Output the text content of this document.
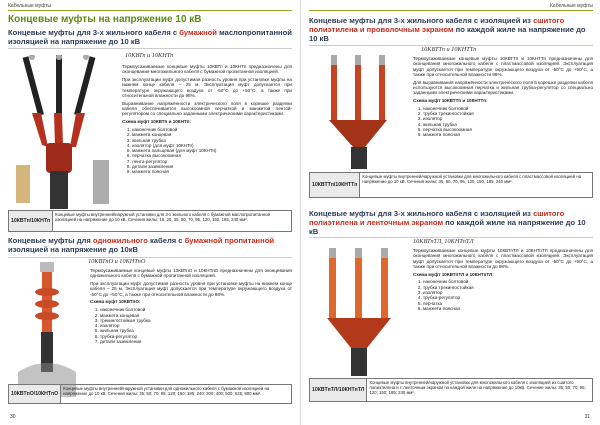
Кабельные муфты
Концевые муфты на напряжение 10 кВ
Концевые муфты для 3-х жильного кабеля с бумажной маслопропитанной изоляцией на напряжение до 10 кВ
10КВТп и 10КНТп

Термоусаживаемые концевые муфты 10КВТп и 10КНТп предназначены для оконцевания многожильного кабеля с бумажной пропитанной изоляцией.

При эксплуатации муфт допустимая разность уровня при установке муфты на нижнем конце кабеля – 25 м. Эксплуатация муфт допускается при температуре окружающего воздуха от -50°С до +50°С, а также при относительной влажности до 98%.

Выравнивание напряжённости электрического поля в корешке разделки кабеля обеспечивается высокоомной перчаткой и манжетой лентой-регулятором со специально заданными электрическими характеристиками.

Схема муфт 10КВТп и 10КНТп:

1. наконечник болтовой
2. манжета концевая
3. жильная трубка
4. изолятор (для муфт 10КНТп)
5. манжета пальцевая (для муфт 10КНТп)
6. перчатка высокоомная
7. лента-регулятор
8. детали заземления
9. манжета поясная
10КВТп/10КНТп
Концевые муфты внутренней/наружной установки для 3-х жильного кабеля с бумажной маслопропитанной изоляцией на напряжение до 10 кВ. Сечения жилы: 16, 25, 35, 50, 70, 95, 120, 150, 185, 240 мм².
Концевые муфты для одножильного кабеля с бумажной пропитанной изоляцией на напряжение до 10кВ
10КВТпО и 10КНТпО

Термоусаживаемые концевые муфты 10КВТпО и 10КНТпО предназначены для оконцевания одножильного кабеля с бумажной пропитанной изоляцией.

При эксплуатации муфт допустимая разность уровня при установке муфты на нижнем конце кабеля – 25 м. Эксплуатация муфт допускается при температуре окружающего воздуха от -50°С до +50°С, а также при относительной влажности до 98%.

Схема муфт 10КВТпО:

1. наконечник болтовой
2. манжета концевая
3. трекингостойкая трубка
4. изолятор
5. жильная трубка
6. трубка-регулятор
7. детали заземления
10КВТпО/10КНТпО
Концевые муфты внутренней/наружной установки для одножильного кабеля с бумажной изоляцией на напряжение до 10 кВ. Сечения жилы: 35; 50; 70; 95; 120; 150; 185; 240; 300; 400; 500; 625; 800 мм².
30
Кабельные муфты
Концевые муфты для 3-х жильного кабеля с изоляцией из сшитого полиэтилена и проволочным экраном по каждой жиле на напряжение до 10 кВ
10КВТТп и 10КНТТп

Термоусаживаемые концевые муфты 10КВТТп и 10КНТТп предназначены для оконцевания многожильного кабеля с пластмассовой изоляцией. Эксплуатация муфт допускается при температуре окружающего воздуха от -50°С до +50°С, а также при относительной влажности 98%.

Для выравнивания напряжённости электрического поля в корешке разделки кабеля используются высокоомная перчатка и жильная трубка-регулятор со специально заданными электрическими характеристиками.

Схема муфт 10КВТТп и 10КНТТп:

1. наконечник болтовой
2. трубка трекингостойкая
3. изолятор
4. жильная трубка
5. перчатка высокоомная
6. манжета поясная
10КВТТп/10КНТТп
Концевые муфты внутренней/наружной установки для многожильного кабеля с пластмассовой изоляцией на напряжение до 10 кВ. Сечения жилы: 35, 50, 70, 95, 120, 150, 185, 240 мм².
Концевые муфты для 3-х жильного кабеля с изоляцией из сшитого полиэтилена и ленточным экраном по каждой жиле на напряжение до 10 кВ
10КВТпТЛ, 10КНТпТЛ

Термоусаживаемые концевые муфты 10КВТпТЛ и 10КНТпТЛ предназначены для оконцевания многожильного кабеля с пластмассовой изоляцией. Эксплуатация муфт допускается при температуре окружающего воздуха от -50°С до +50°С, а также при относительной влажности до 98%.

Схема муфт 10КВТпТЛ и 10КНТпТЛ:

1. наконечник болтовой
2. трубка трекингостойкая
3. изолятор
4. трубка-регулятор
5. перчатка
6. манжета поясная
10КВТпТЛ/10КНТпТЛ
Концевые муфты внутренней/наружной установки для многожильного кабеля с изоляцией из сшитого полиэтилена и с ленточным экраном по каждой жиле на напряжение до 10кВ. Сечение жилы: 35; 50; 70; 95; 120; 150; 185; 240 мм².
31
